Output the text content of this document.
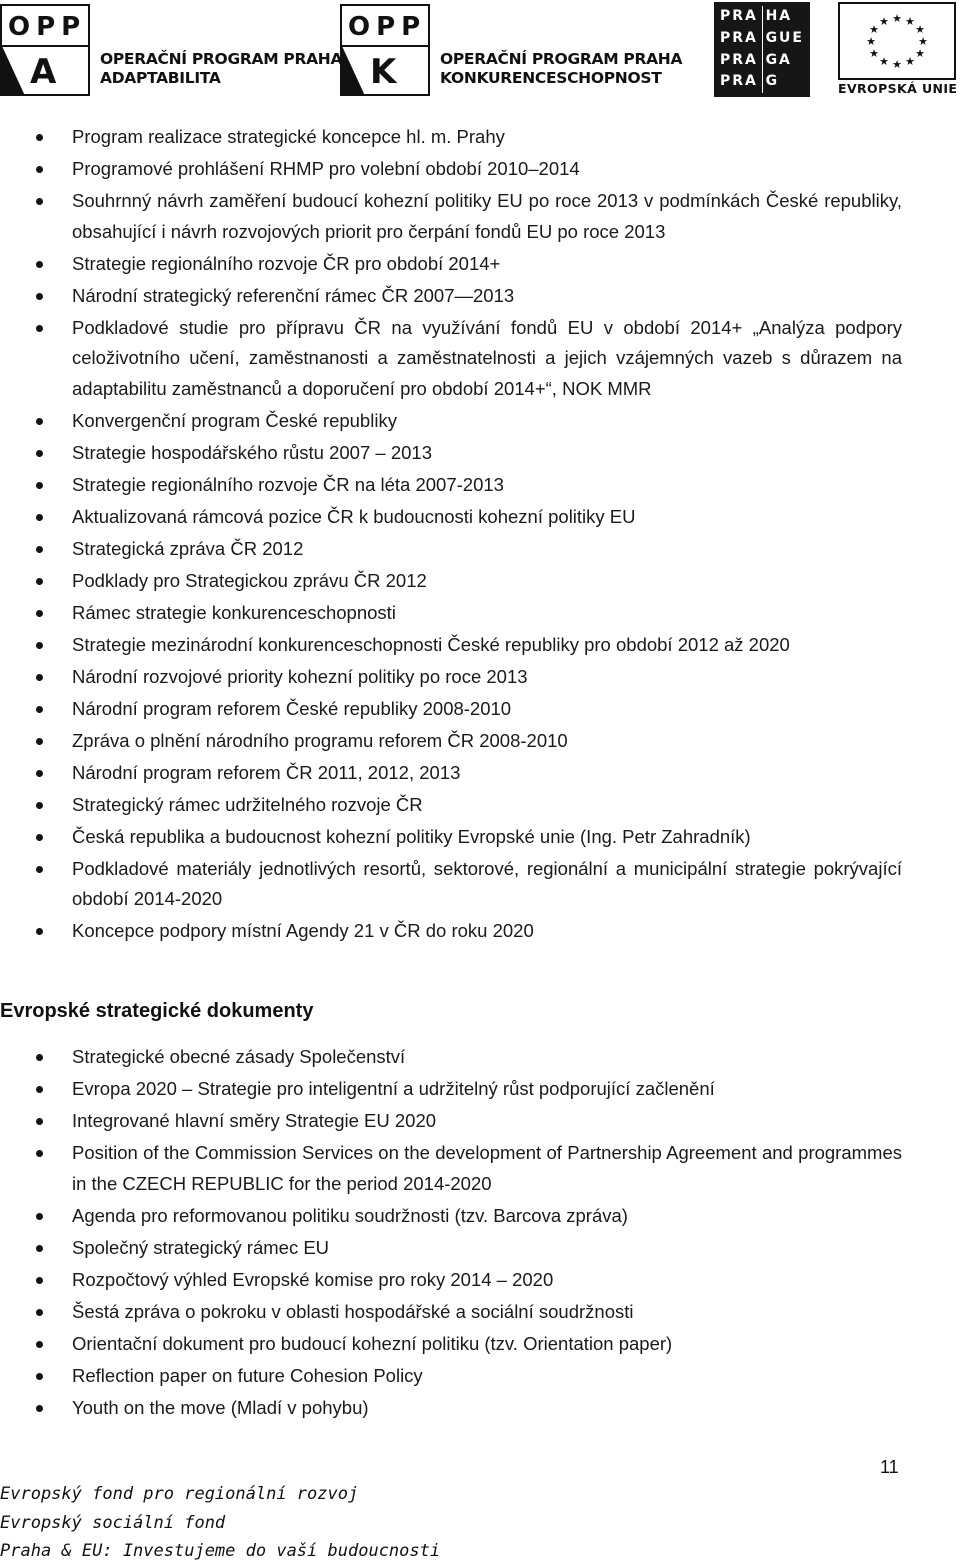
OPP
A	OPERAČNÍ PROGRAM PRAHA
ADAPTABILITA
OPP
K	OPERAČNÍ PROGRAM PRAHA
KONKURENCESCHOPNOST
PRA HA
PRA GUE
PRA GA
PRA G
★ ★
★
★
★
★
★
★
★
★
★
★
EVROPSKÁ UNIE
Program realizace strategické koncepce hl. m. Prahy
Programové prohlášení RHMP pro volební období 2010–2014
Souhrnný návrh zaměření budoucí kohezní politiky EU po roce 2013 v podmínkách České republiky, obsahující i návrh rozvojových priorit pro čerpání fondů EU po roce 2013
Strategie regionálního rozvoje ČR pro období 2014+
Národní strategický referenční rámec ČR 2007—2013
Podkladové studie pro přípravu ČR na využívání fondů EU v období 2014+ „Analýza podpory celoživotního učení, zaměstnanosti a zaměstnatelnosti a jejich vzájemných vazeb s důrazem na adaptabilitu zaměstnanců a doporučení pro období 2014+“, NOK MMR
Konvergenční program České republiky
Strategie hospodářského růstu 2007 – 2013
Strategie regionálního rozvoje ČR na léta 2007-2013
Aktualizovaná rámcová pozice ČR k budoucnosti kohezní politiky EU
Strategická zpráva ČR 2012
Podklady pro Strategickou zprávu ČR 2012
Rámec strategie konkurenceschopnosti
Strategie mezinárodní konkurenceschopnosti České republiky pro období 2012 až 2020
Národní rozvojové priority kohezní politiky po roce 2013
Národní program reforem České republiky 2008-2010
Zpráva o plnění národního programu reforem ČR 2008-2010
Národní program reforem ČR 2011, 2012, 2013
Strategický rámec udržitelného rozvoje ČR
Česká republika a budoucnost kohezní politiky Evropské unie (Ing. Petr Zahradník)
Podkladové materiály jednotlivých resortů, sektorové, regionální a municipální strategie pokrývající období 2014-2020
Koncepce podpory místní Agendy 21 v ČR do roku 2020
Evropské strategické dokumenty
Strategické obecné zásady Společenství
Evropa 2020 – Strategie pro inteligentní a udržitelný růst podporující začlenění
Integrované hlavní směry Strategie EU 2020
Position of the Commission Services on the development of Partnership Agreement and programmes in the CZECH REPUBLIC for the period 2014-2020
Agenda pro reformovanou politiku soudržnosti (tzv. Barcova zpráva)
Společný strategický rámec EU
Rozpočtový výhled Evropské komise pro roky 2014 – 2020
Šestá zpráva o pokroku v oblasti hospodářské a sociální soudržnosti
Orientační dokument pro budoucí kohezní politiku (tzv. Orientation paper)
Reflection paper on future Cohesion Policy
Youth on the move (Mladí v pohybu)
11
Evropský fond pro regionální rozvoj
Evropský sociální fond
Praha & EU: Investujeme do vaší budoucnosti
